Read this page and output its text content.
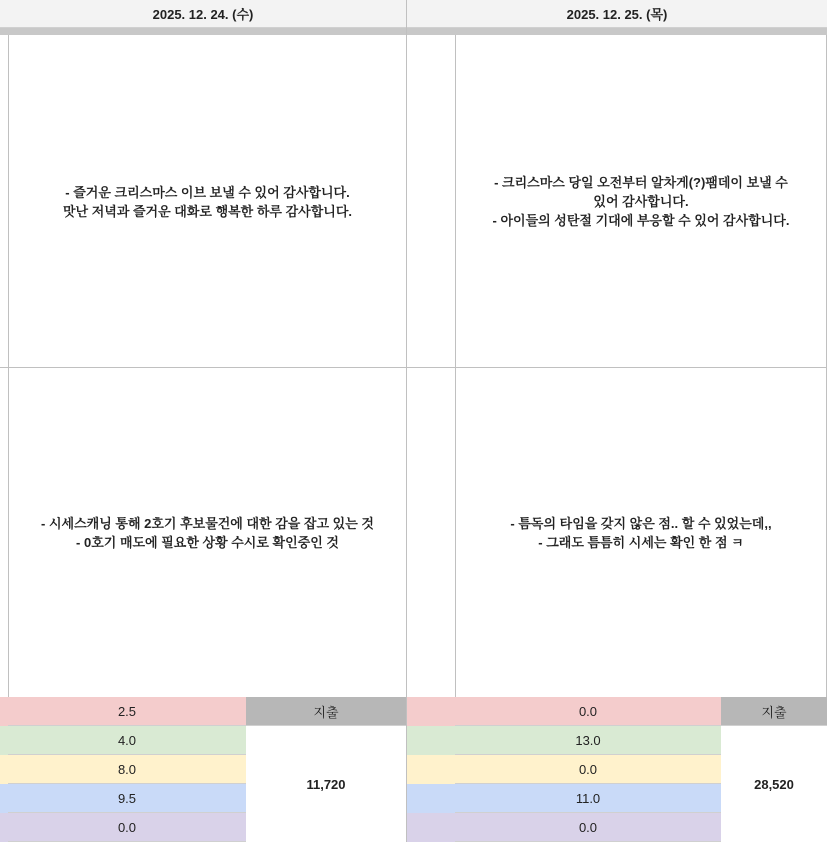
2025. 12. 24. (수)	2025. 12. 25. (목)
- 즐거운 크리스마스 이브 보낼 수 있어 감사합니다.
맛난 저녁과 즐거운 대화로 행복한 하루 감사합니다.
- 크리스마스 당일 오전부터 알차게(?)팸데이 보낼 수
있어 감사합니다.
- 아이들의 성탄절 기대에 부응할 수 있어 감사합니다.
- 시세스캐닝 통해 2호기 후보물건에 대한 감을 잡고 있는 것
- 0호기 매도에 필요한 상황 수시로 확인중인 것
- 틈독의 타임을 갖지 않은 점.. 할 수 있었는데,,
- 그래도 틈틈히 시세는 확인 한 점 ㅋ
2.5
4.0
8.0
9.5
0.0
지출
11,720
0.0
13.0
0.0
11.0
0.0
지출
28,520
